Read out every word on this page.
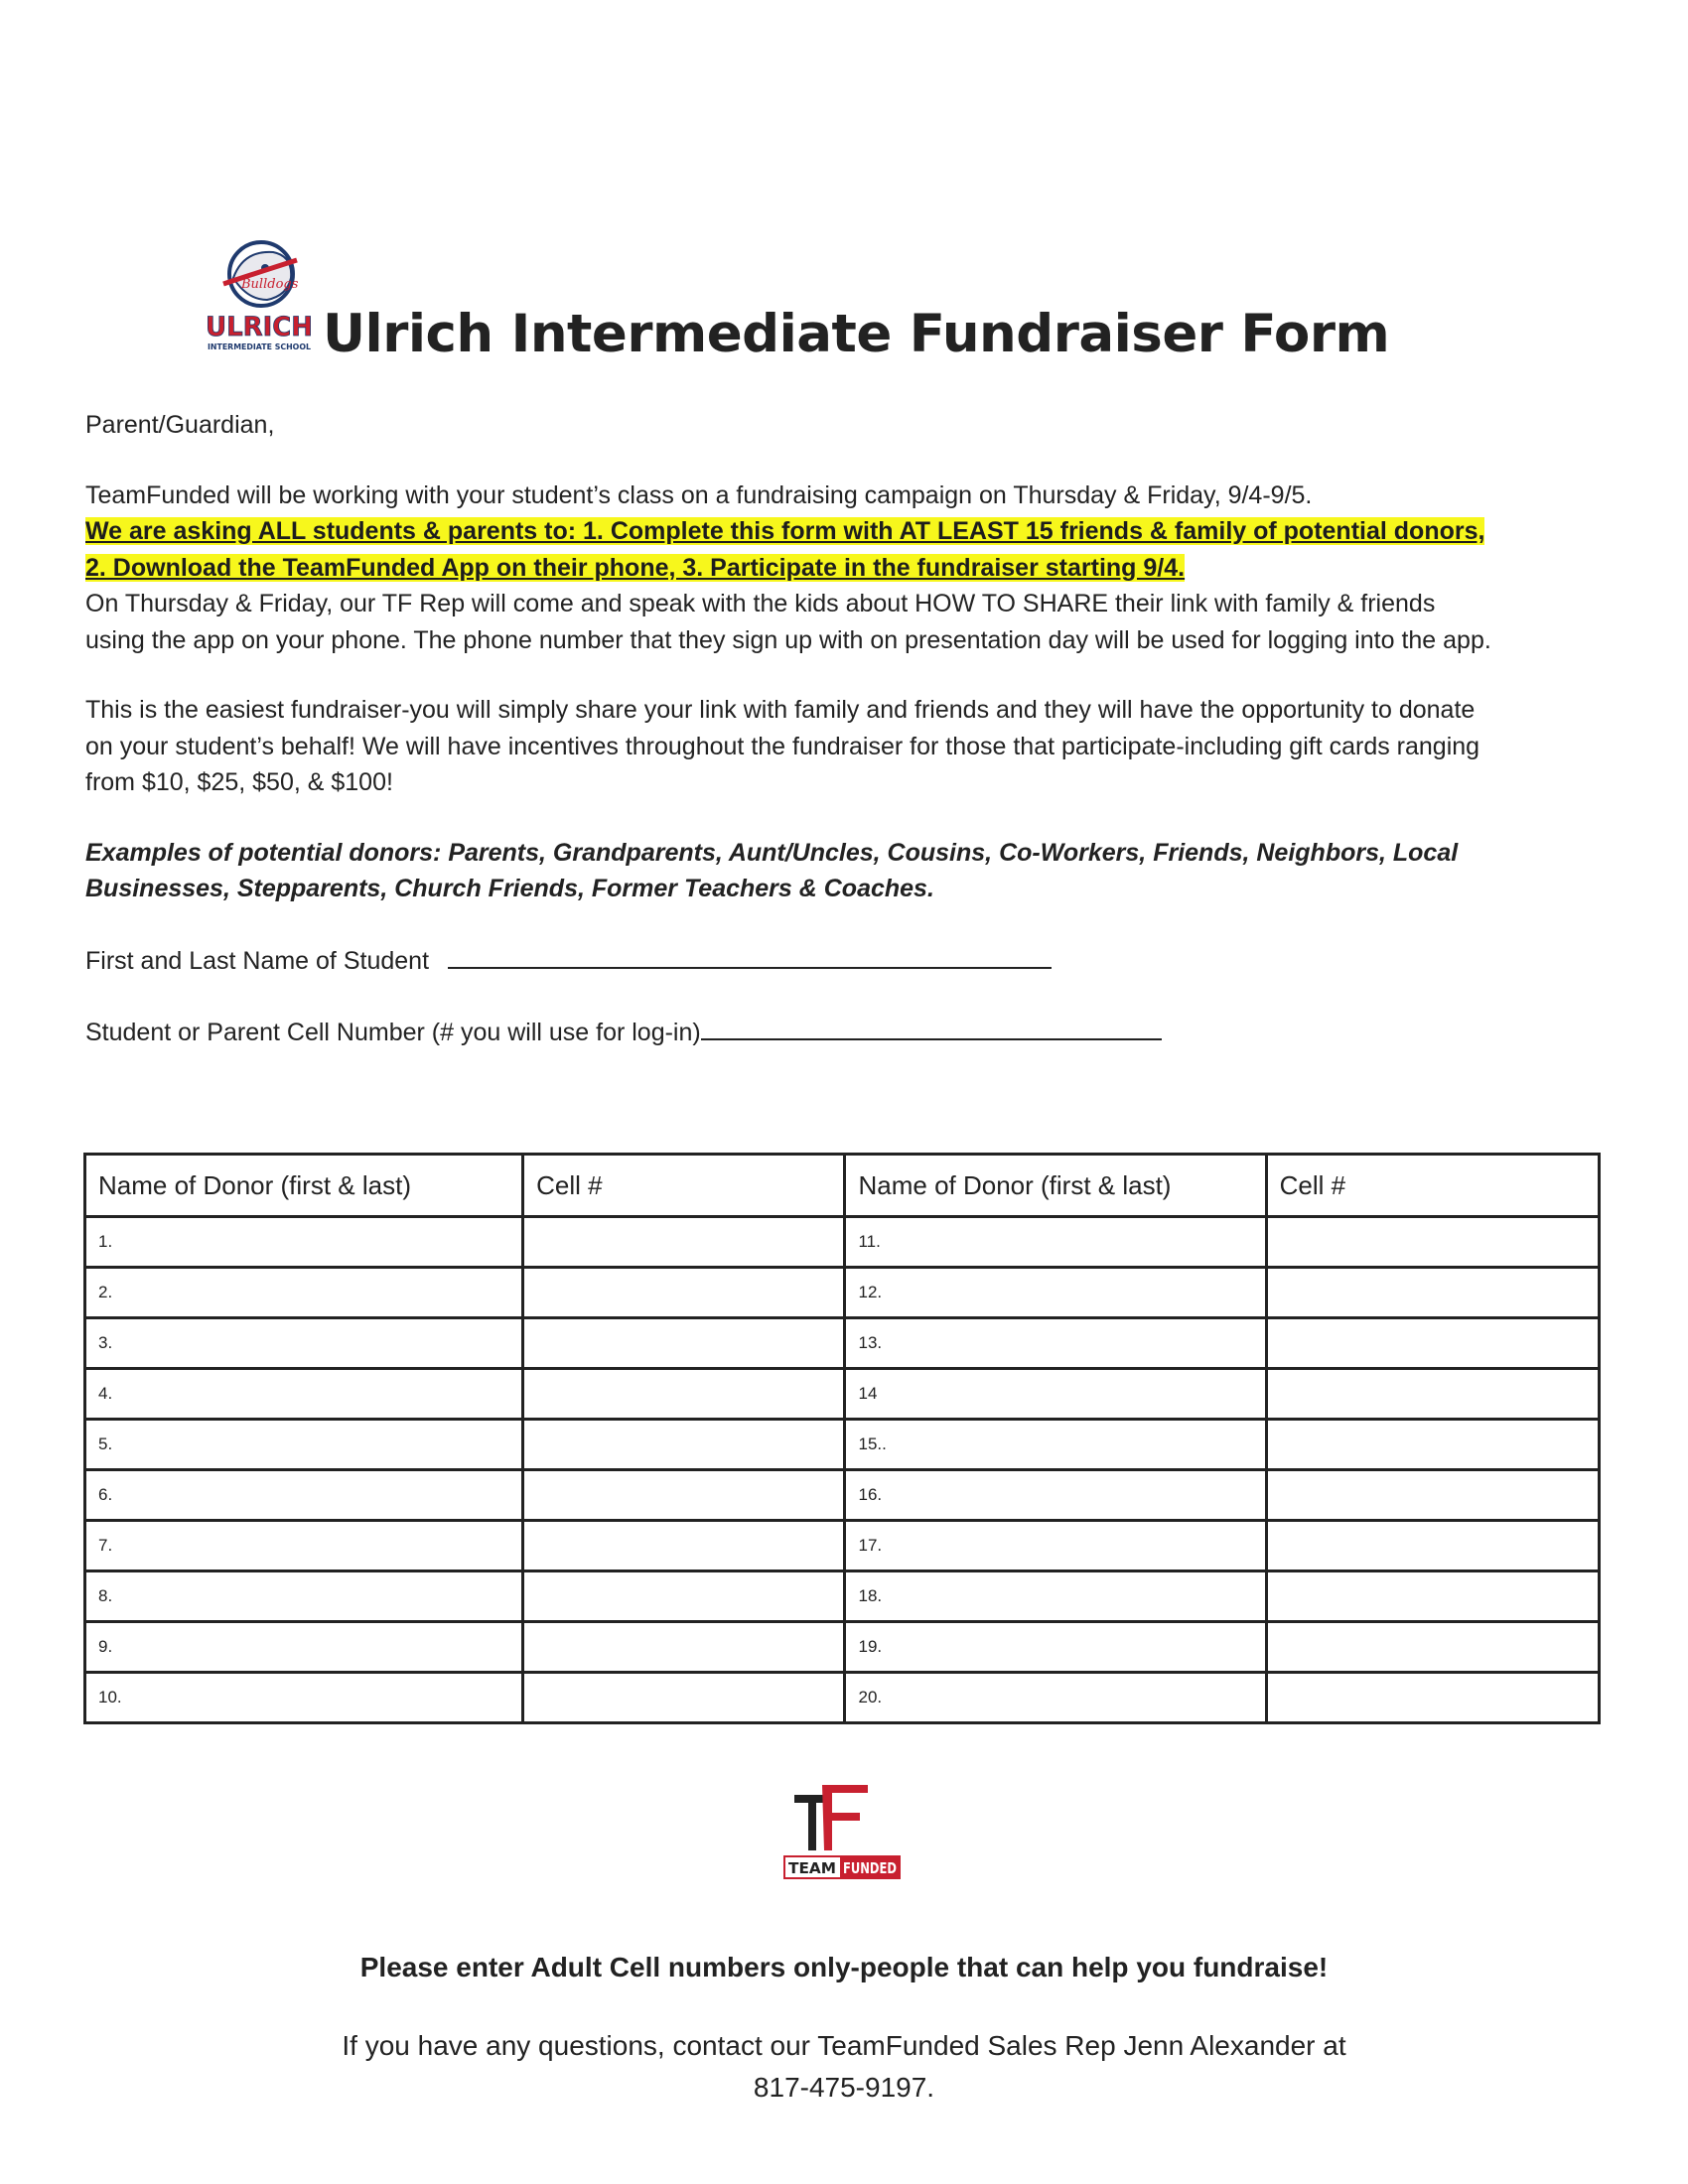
Bulldogs
ULRICH
INTERMEDIATE SCHOOL Ulrich Intermediate Fundraiser Form

Parent/Guardian,

TeamFunded will be working with your student’s class on a fundraising campaign on Thursday & Friday, 9/4-9/5.
We are asking ALL students & parents to: 1. Complete this form with AT LEAST 15 friends & family of potential donors, 2. Download the TeamFunded App on their phone, 3. Participate in the fundraiser starting 9/4.
On Thursday & Friday, our TF Rep will come and speak with the kids about HOW TO SHARE their link with family & friends using the app on your phone. The phone number that they sign up with on presentation day will be used for logging into the app.

This is the easiest fundraiser-you will simply share your link with family and friends and they will have the opportunity to donate on your student’s behalf! We will have incentives throughout the fundraiser for those that participate-including gift cards ranging from $10, $25, $50, & $100!

Examples of potential donors: Parents, Grandparents, Aunt/Uncles, Cousins, Co-Workers, Friends, Neighbors, Local Businesses, Stepparents, Church Friends, Former Teachers & Coaches.

First and Last Name of Student

Student or Parent Cell Number (# you will use for log-in)

Name of Donor (first & last)	Cell #	Name of Donor (first & last)	Cell #
1.		11.	
2.		12.	
3.		13.	
4.		14	
5.		15..	
6.		16.	
7.		17.	
8.		18.	
9.		19.	
10.		20.	
TEAM FUNDED
Please enter Adult Cell numbers only-people that can help you fundraise!
If you have any questions, contact our TeamFunded Sales Rep Jenn Alexander at
817-475-9197.
